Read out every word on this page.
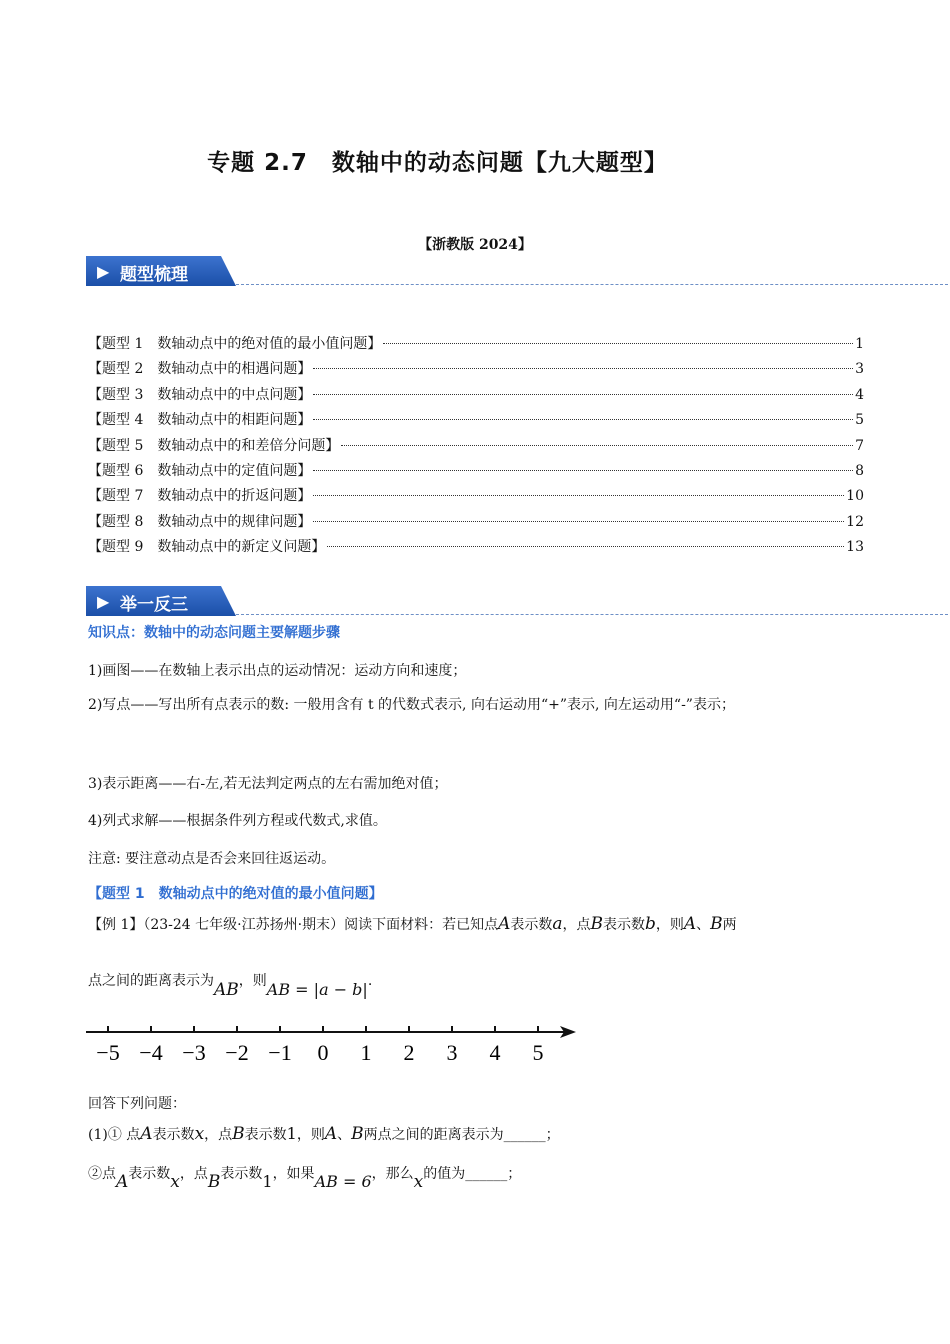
专题 2.7　数轴中的动态问题【九大题型】
【浙教版 2024】
▶ 题型梳理
【题型 1　数轴动点中的绝对值的最小值问题】	1
【题型 2　数轴动点中的相遇问题】	3
【题型 3　数轴动点中的中点问题】	4
【题型 4　数轴动点中的相距问题】	5
【题型 5　数轴动点中的和差倍分问题】	7
【题型 6　数轴动点中的定值问题】	8
【题型 7　数轴动点中的折返问题】	10
【题型 8　数轴动点中的规律问题】	12
【题型 9　数轴动点中的新定义问题】	13
▶ 举一反三
知识点：数轴中的动态问题主要解题步骤
1)画图——在数轴上表示出点的运动情况：运动方向和速度；
2)写点——写出所有点表示的数: 一般用含有 t 的代数式表示, 向右运动用“+”表示, 向左运动用“-”表示；
3)表示距离——右-左,若无法判定两点的左右需加绝对值；
4)列式求解——根据条件列方程或代数式,求值。
注意: 要注意动点是否会来回往返运动。
【题型 1　数轴动点中的绝对值的最小值问题】
【例 1】（23-24 七年级·江苏扬州·期末）阅读下面材料：若已知点A表示数a，点B表示数b，则A、B两
点之间的距离表示为AB，则AB = |a − b|.
−5 −4 −3 −2 −1 0 1 2 3 4 5
回答下列问题：
(1)① 点A表示数x，点B表示数1，则A、B两点之间的距离表示为______；
②点A表示数x，点B表示数1，如果AB = 6，那么x的值为______；
